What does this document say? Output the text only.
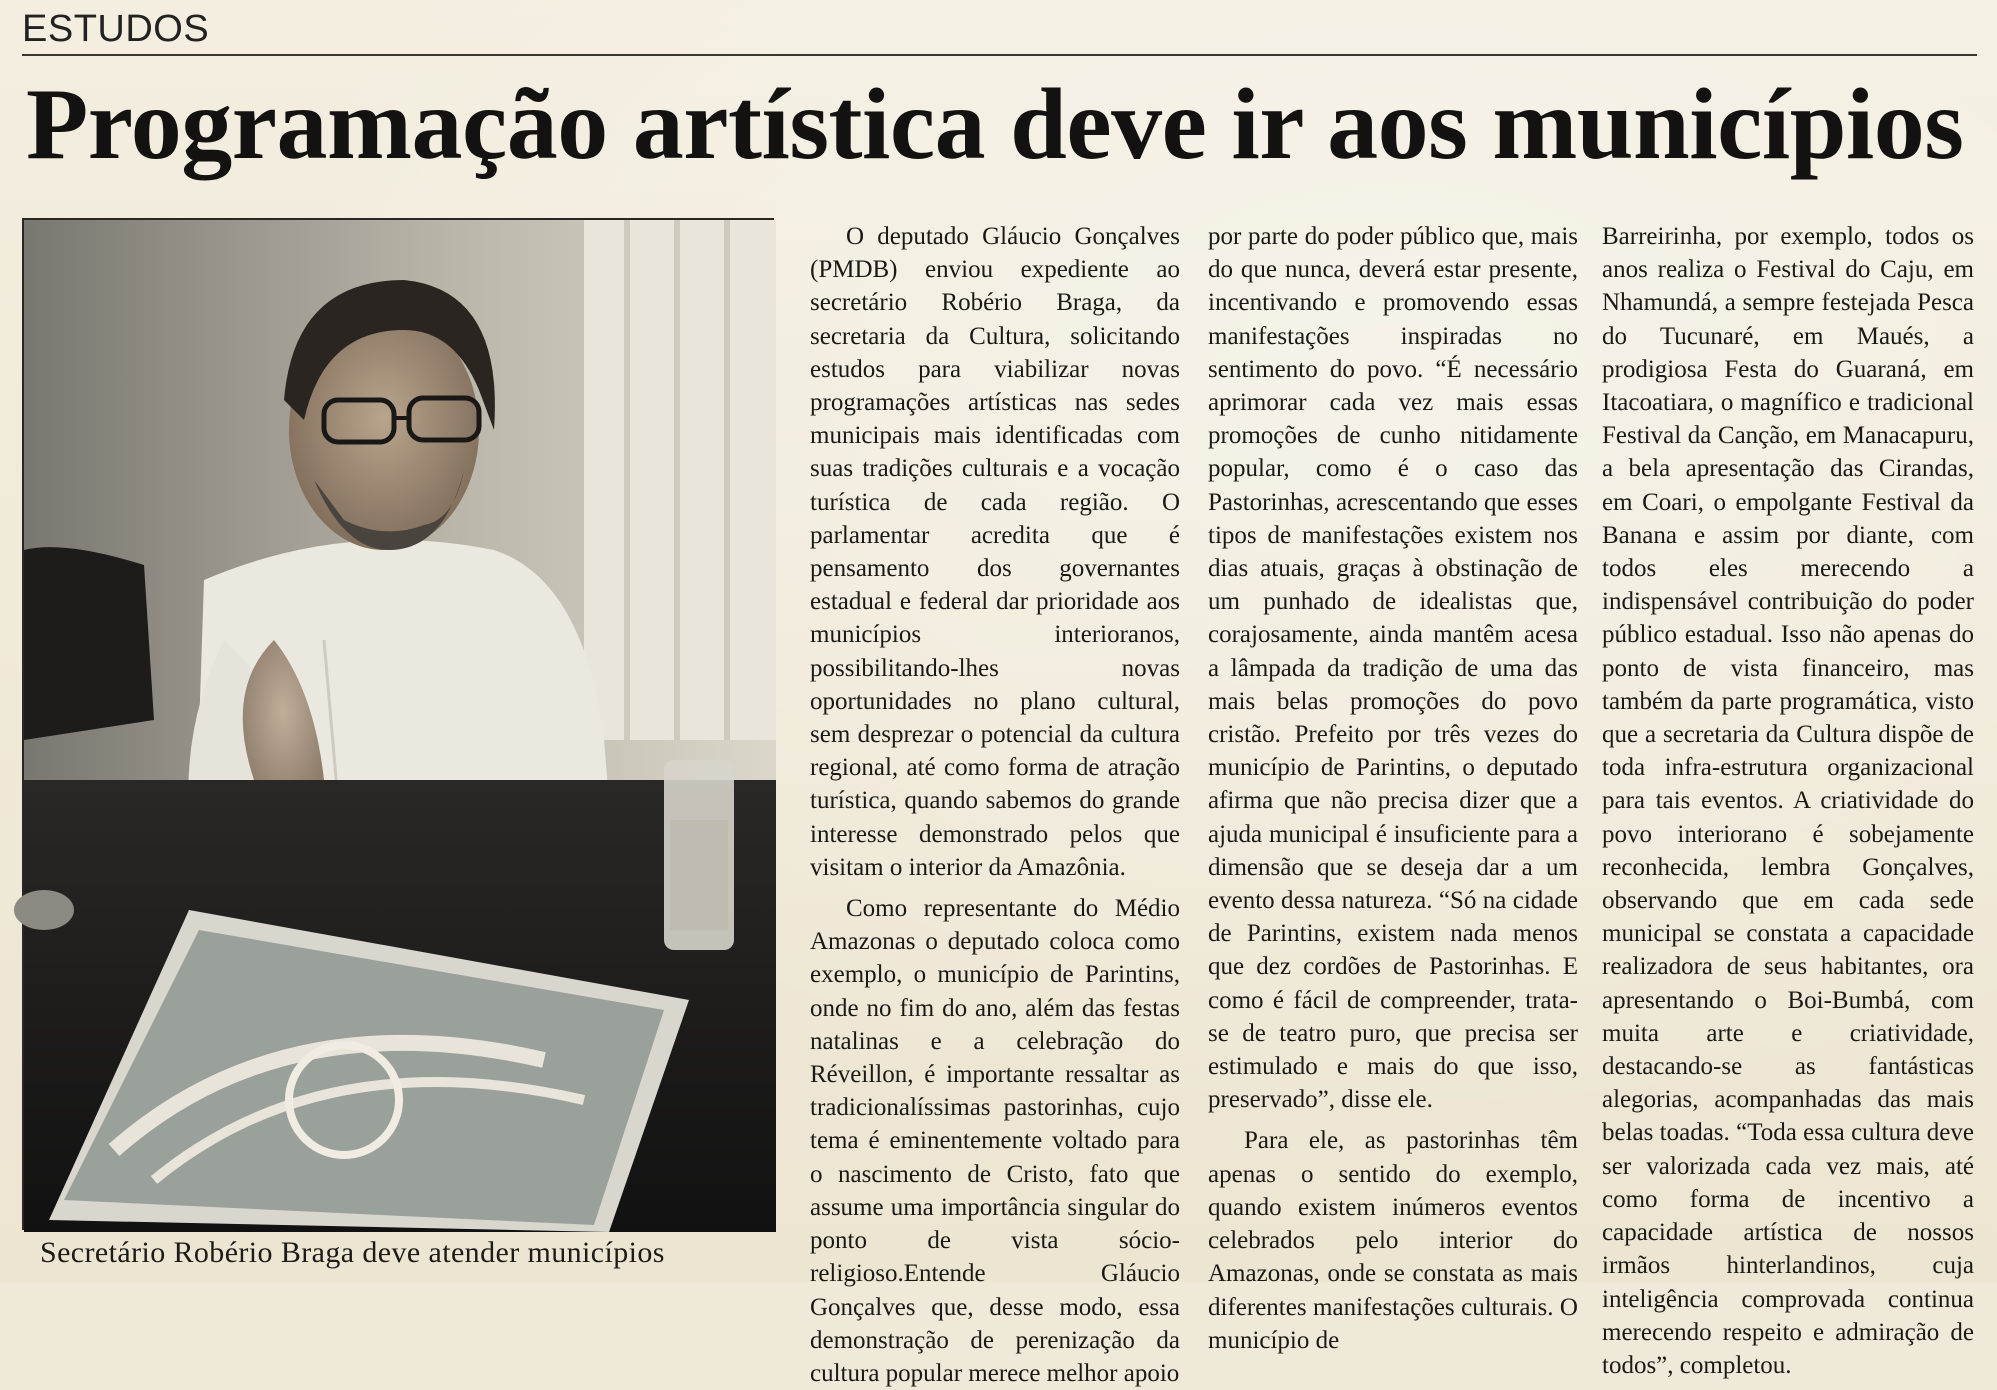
ESTUDOS
Programação artística deve ir aos municípios
Secretário Robério Braga deve atender municípios

O deputado Gláucio Gonçalves (PMDB) enviou expediente ao secretário Robério Braga, da secretaria da Cultura, solicitando estudos para viabilizar novas programações artísticas nas sedes municipais mais identificadas com suas tradições culturais e a vocação turística de cada região. O parlamentar acredita que é pensamento dos governantes estadual e federal dar prioridade aos municípios interioranos, possibilitando-lhes novas oportunidades no plano cultural, sem desprezar o potencial da cultura regional, até como forma de atração turística, quando sabemos do grande interesse demonstrado pelos que visitam o interior da Amazônia.

Como representante do Médio Amazonas o deputado coloca como exemplo, o município de Parintins, onde no fim do ano, além das festas natalinas e a celebração do Réveillon, é importante ressaltar as tradicionalíssimas pastorinhas, cujo tema é eminentemente voltado para o nascimento de Cristo, fato que assume uma importância singular do ponto de vista sócio-religioso.Entende Gláucio Gonçalves que, desse modo, essa demonstração de perenização da cultura popular merece melhor apoio

por parte do poder público que, mais do que nunca, deverá estar presente, incentivando e promovendo essas manifestações inspiradas no sentimento do povo. “É necessário aprimorar cada vez mais essas promoções de cunho nitidamente popular, como é o caso das Pastorinhas, acrescentando que esses tipos de manifestações existem nos dias atuais, graças à obstinação de um punhado de idealistas que, corajosamente, ainda mantêm acesa a lâmpada da tradição de uma das mais belas promoções do povo cristão. Prefeito por três vezes do município de Parintins, o deputado afirma que não precisa dizer que a ajuda municipal é insuficiente para a dimensão que se deseja dar a um evento dessa natureza. “Só na cidade de Parintins, existem nada menos que dez cordões de Pastorinhas. E como é fácil de compreender, trata-se de teatro puro, que precisa ser estimulado e mais do que isso, preservado”, disse ele.

Para ele, as pastorinhas têm apenas o sentido do exemplo, quando existem inúmeros eventos celebrados pelo interior do Amazonas, onde se constata as mais diferentes manifestações culturais. O município de

Barreirinha, por exemplo, todos os anos realiza o Festival do Caju, em Nhamundá, a sempre festejada Pesca do Tucunaré, em Maués, a prodigiosa Festa do Guaraná, em Itacoatiara, o magnífico e tradicional Festival da Canção, em Manacapuru, a bela apresentação das Cirandas, em Coari, o empolgante Festival da Banana e assim por diante, com todos eles merecendo a indispensável contribuição do poder público estadual. Isso não apenas do ponto de vista financeiro, mas também da parte programática, visto que a secretaria da Cultura dispõe de toda infra-estrutura organizacional para tais eventos. A criatividade do povo interiorano é sobejamente reconhecida, lembra Gonçalves, observando que em cada sede municipal se constata a capacidade realizadora de seus habitantes, ora apresentando o Boi-Bumbá, com muita arte e criatividade, destacando-se as fantásticas alegorias, acompanhadas das mais belas toadas. “Toda essa cultura deve ser valorizada cada vez mais, até como forma de incentivo a capacidade artística de nossos irmãos hinterlandinos, cuja inteligência comprovada continua merecendo respeito e admiração de todos”, completou.
